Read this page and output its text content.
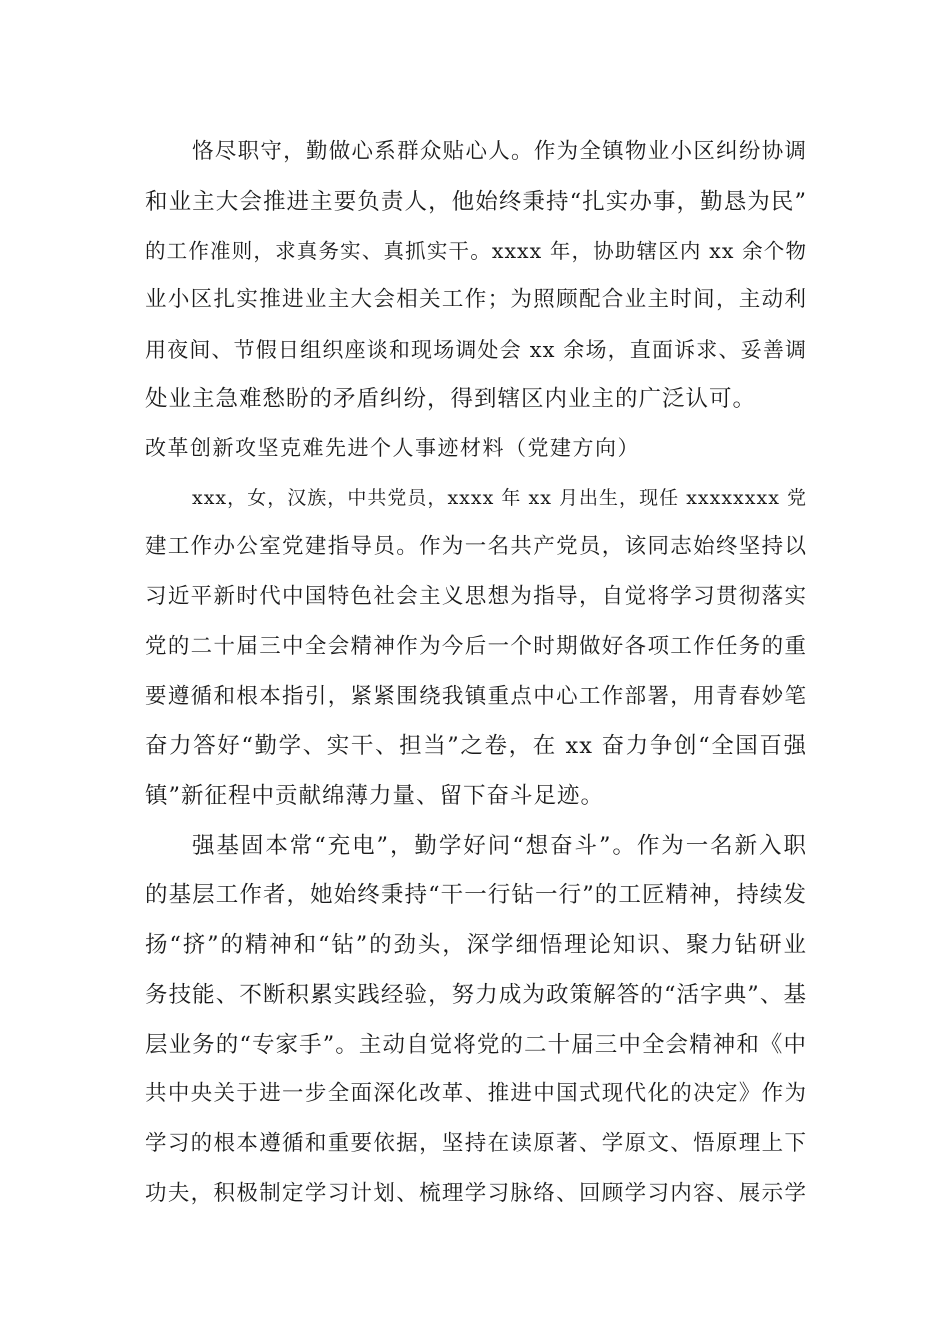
恪尽职守，勤做心系群众贴心人。作为全镇物业小区纠纷协调
和业主大会推进主要负责人，他始终秉持“扎实办事，勤恳为民”
的工作准则，求真务实、真抓实干。xxxx 年，协助辖区内 xx 余个物
业小区扎实推进业主大会相关工作；为照顾配合业主时间，主动利
用夜间、节假日组织座谈和现场调处会 xx 余场，直面诉求、妥善调
处业主急难愁盼的矛盾纠纷，得到辖区内业主的广泛认可。
改革创新攻坚克难先进个人事迹材料（党建方向）
xxx，女，汉族，中共党员，xxxx 年 xx 月出生，现任 xxxxxxxx 党
建工作办公室党建指导员。作为一名共产党员，该同志始终坚持以
习近平新时代中国特色社会主义思想为指导，自觉将学习贯彻落实
党的二十届三中全会精神作为今后一个时期做好各项工作任务的重
要遵循和根本指引，紧紧围绕我镇重点中心工作部署，用青春妙笔
奋力答好“勤学、实干、担当”之卷，在 xx 奋力争创“全国百强
镇”新征程中贡献绵薄力量、留下奋斗足迹。
强基固本常“充电”，勤学好问“想奋斗”。作为一名新入职
的基层工作者，她始终秉持“干一行钻一行”的工匠精神，持续发
扬“挤”的精神和“钻”的劲头，深学细悟理论知识、聚力钻研业
务技能、不断积累实践经验，努力成为政策解答的“活字典”、基
层业务的“专家手”。主动自觉将党的二十届三中全会精神和《中
共中央关于进一步全面深化改革、推进中国式现代化的决定》作为
学习的根本遵循和重要依据，坚持在读原著、学原文、悟原理上下
功夫，积极制定学习计划、梳理学习脉络、回顾学习内容、展示学
